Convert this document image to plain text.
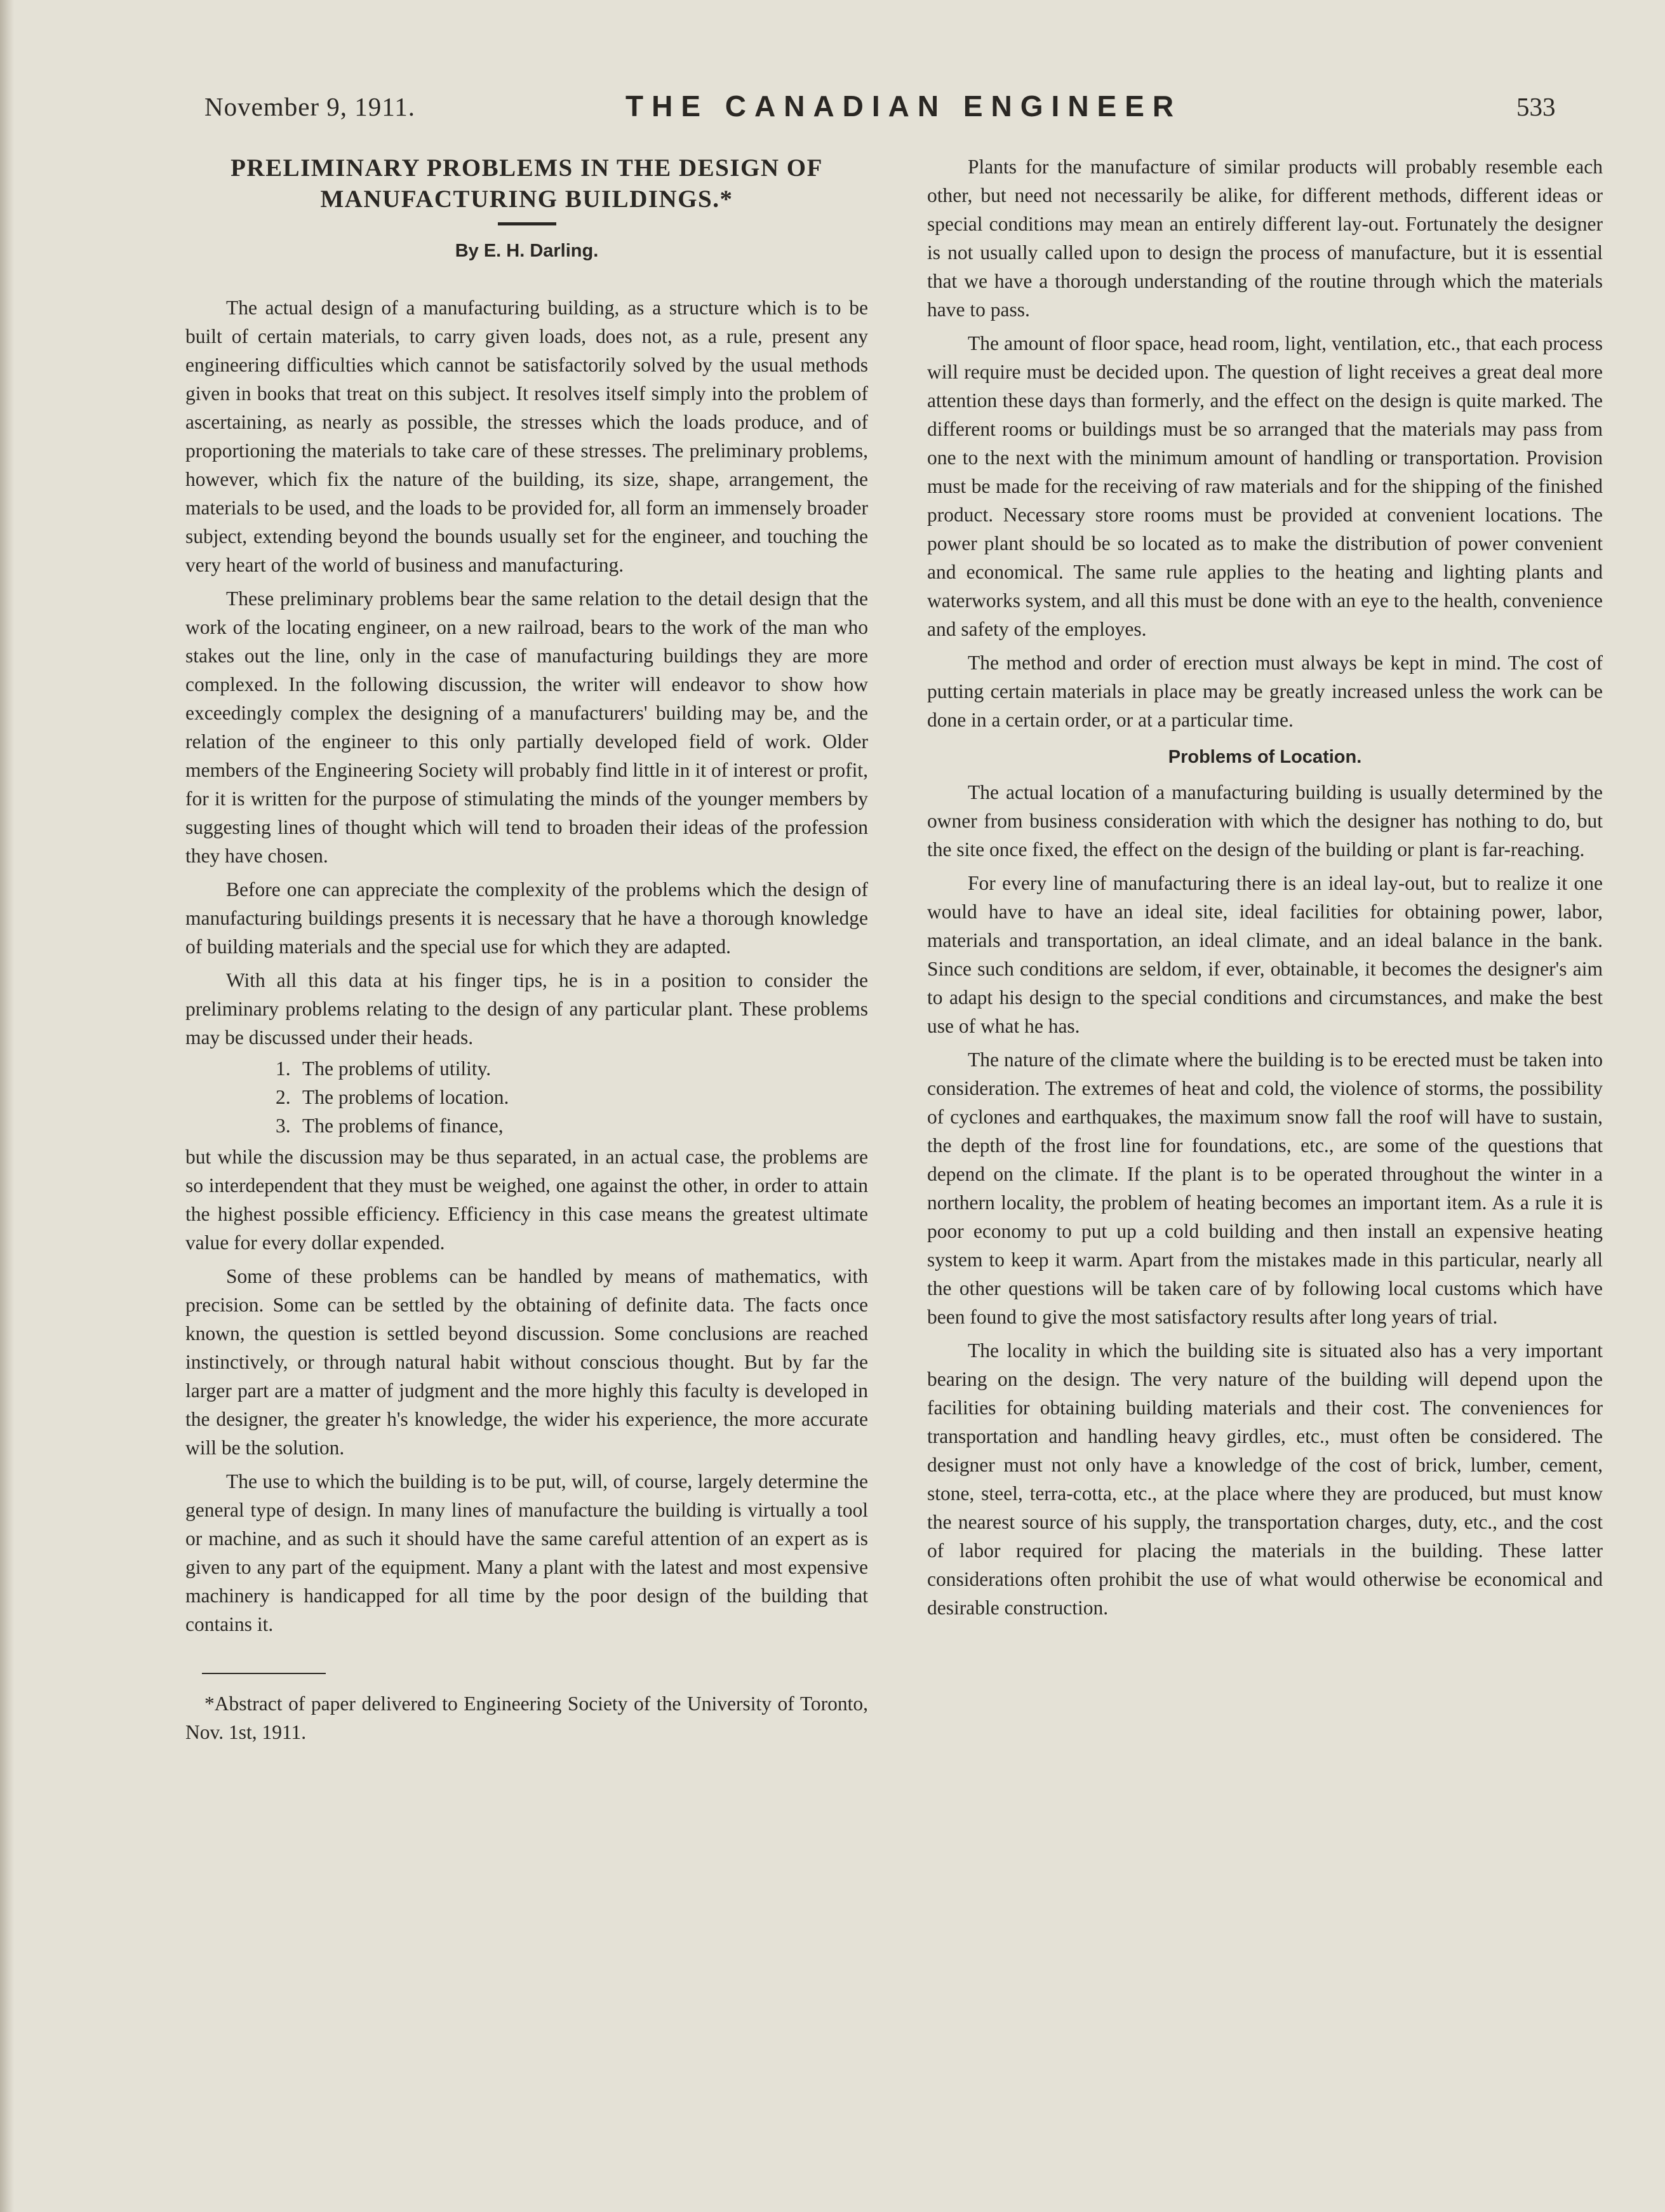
November 9, 1911.	THE CANADIAN ENGINEER	533
PRELIMINARY PROBLEMS IN THE DESIGN OF
MANUFACTURING BUILDINGS.*
By E. H. Darling.

The actual design of a manufacturing building, as a structure which is to be built of certain materials, to carry given loads, does not, as a rule, present any engineering difficulties which cannot be satisfactorily solved by the usual methods given in books that treat on this subject. It resolves itself simply into the problem of ascertaining, as nearly as possible, the stresses which the loads produce, and of proportioning the materials to take care of these stresses. The preliminary problems, however, which fix the nature of the building, its size, shape, arrangement, the materials to be used, and the loads to be provided for, all form an immensely broader subject, extending beyond the bounds usually set for the engineer, and touching the very heart of the world of business and manufacturing.

These preliminary problems bear the same relation to the detail design that the work of the locating engineer, on a new railroad, bears to the work of the man who stakes out the line, only in the case of manufacturing buildings they are more complexed. In the following discussion, the writer will endeavor to show how exceedingly complex the designing of a manufacturers' building may be, and the relation of the engineer to this only partially developed field of work. Older members of the Engineering Society will probably find little in it of interest or profit, for it is written for the purpose of stimulating the minds of the younger members by suggesting lines of thought which will tend to broaden their ideas of the profession they have chosen.

Before one can appreciate the complexity of the problems which the design of manufacturing buildings presents it is necessary that he have a thorough knowledge of building materials and the special use for which they are adapted.

With all this data at his finger tips, he is in a position to consider the preliminary problems relating to the design of any particular plant. These problems may be discussed under their heads.

1. The problems of utility.
2. The problems of location.
3. The problems of finance,

but while the discussion may be thus separated, in an actual case, the problems are so interdependent that they must be weighed, one against the other, in order to attain the highest possible efficiency. Efficiency in this case means the greatest ultimate value for every dollar expended.

Some of these problems can be handled by means of mathematics, with precision. Some can be settled by the obtaining of definite data. The facts once known, the question is settled beyond discussion. Some conclusions are reached instinctively, or through natural habit without conscious thought. But by far the larger part are a matter of judgment and the more highly this faculty is developed in the designer, the greater h's knowledge, the wider his experience, the more accurate will be the solution.

The use to which the building is to be put, will, of course, largely determine the general type of design. In many lines of manufacture the building is virtually a tool or machine, and as such it should have the same careful attention of an expert as is given to any part of the equipment. Many a plant with the latest and most expensive machinery is handicapped for all time by the poor design of the building that contains it.

*Abstract of paper delivered to Engineering Society of the University of Toronto, Nov. 1st, 1911.

Plants for the manufacture of similar products will probably resemble each other, but need not necessarily be alike, for different methods, different ideas or special conditions may mean an entirely different lay-out. Fortunately the designer is not usually called upon to design the process of manufacture, but it is essential that we have a thorough understanding of the routine through which the materials have to pass.

The amount of floor space, head room, light, ventilation, etc., that each process will require must be decided upon. The question of light receives a great deal more attention these days than formerly, and the effect on the design is quite marked. The different rooms or buildings must be so arranged that the materials may pass from one to the next with the minimum amount of handling or transportation. Provision must be made for the receiving of raw materials and for the shipping of the finished product. Necessary store rooms must be provided at convenient locations. The power plant should be so located as to make the distribution of power convenient and economical. The same rule applies to the heating and lighting plants and waterworks system, and all this must be done with an eye to the health, convenience and safety of the employes.

The method and order of erection must always be kept in mind. The cost of putting certain materials in place may be greatly increased unless the work can be done in a certain order, or at a particular time.

Problems of Location.

The actual location of a manufacturing building is usually determined by the owner from business consideration with which the designer has nothing to do, but the site once fixed, the effect on the design of the building or plant is far-reaching.

For every line of manufacturing there is an ideal lay-out, but to realize it one would have to have an ideal site, ideal facilities for obtaining power, labor, materials and transportation, an ideal climate, and an ideal balance in the bank. Since such conditions are seldom, if ever, obtainable, it becomes the designer's aim to adapt his design to the special conditions and circumstances, and make the best use of what he has.

The nature of the climate where the building is to be erected must be taken into consideration. The extremes of heat and cold, the violence of storms, the possibility of cyclones and earthquakes, the maximum snow fall the roof will have to sustain, the depth of the frost line for foundations, etc., are some of the questions that depend on the climate. If the plant is to be operated throughout the winter in a northern locality, the problem of heating becomes an important item. As a rule it is poor economy to put up a cold building and then install an expensive heating system to keep it warm. Apart from the mistakes made in this particular, nearly all the other questions will be taken care of by following local customs which have been found to give the most satisfactory results after long years of trial.

The locality in which the building site is situated also has a very important bearing on the design. The very nature of the building will depend upon the facilities for obtaining building materials and their cost. The conveniences for transportation and handling heavy girdles, etc., must often be considered. The designer must not only have a knowledge of the cost of brick, lumber, cement, stone, steel, terra-cotta, etc., at the place where they are produced, but must know the nearest source of his supply, the transportation charges, duty, etc., and the cost of labor required for placing the materials in the building. These latter considerations often prohibit the use of what would otherwise be economical and desirable construction.
